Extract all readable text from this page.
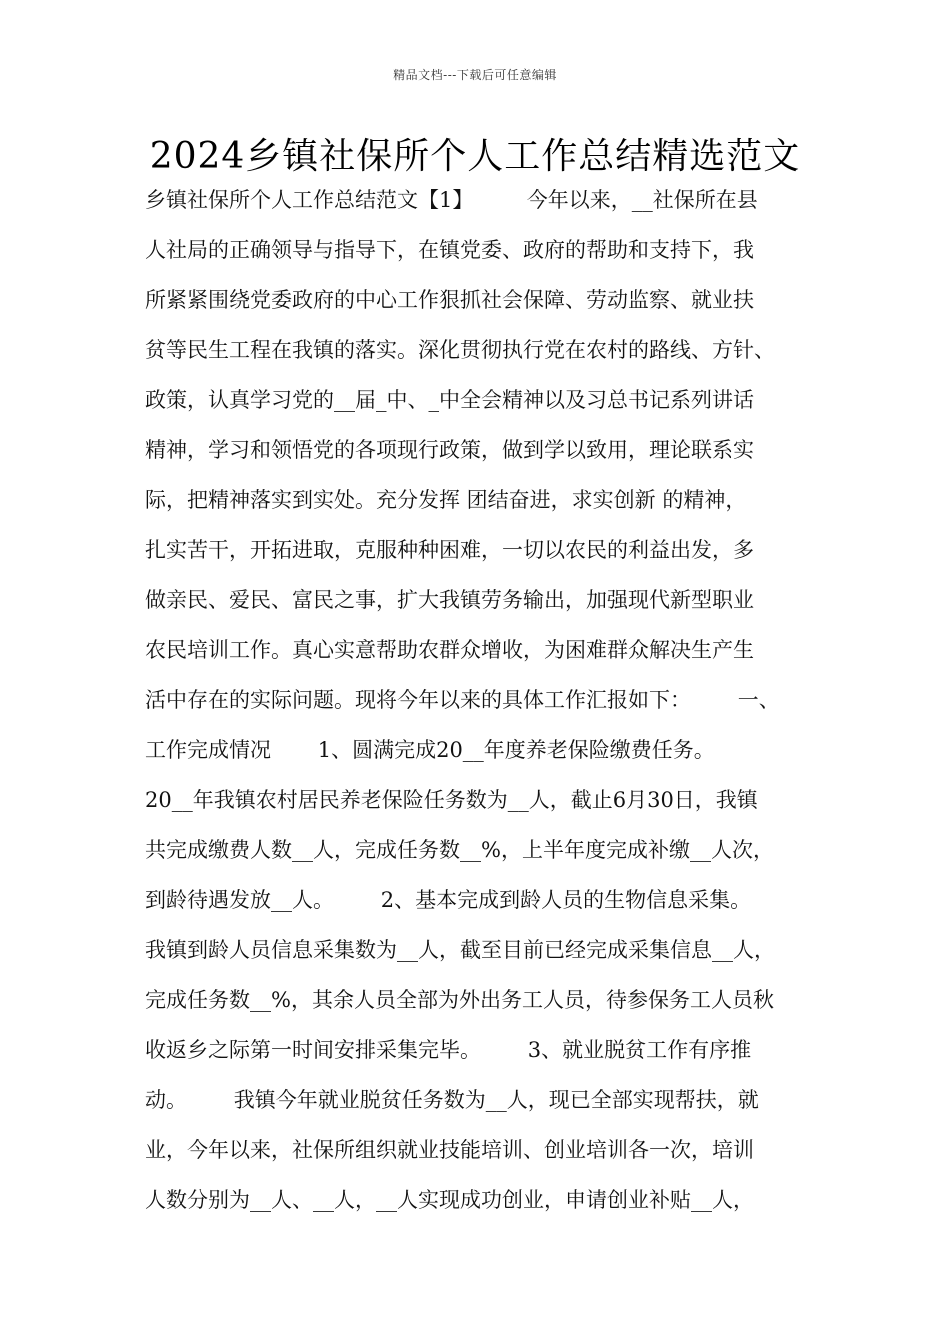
精品文档---下载后可任意编辑
2024乡镇社保所个人工作总结精选范文
乡镇社保所个人工作总结范文【1】        今年以来，__社保所在县
人社局的正确领导与指导下，在镇党委、政府的帮助和支持下，我
所紧紧围绕党委政府的中心工作狠抓社会保障、劳动监察、就业扶
贫等民生工程在我镇的落实。深化贯彻执行党在农村的路线、方针、
政策，认真学习党的__届_中、_中全会精神以及习总书记系列讲话
精神，学习和领悟党的各项现行政策，做到学以致用，理论联系实
际，把精神落实到实处。充分发挥 团结奋进，求实创新 的精神，
扎实苦干，开拓进取，克服种种困难，一切以农民的利益出发，多
做亲民、爱民、富民之事，扩大我镇劳务输出，加强现代新型职业
农民培训工作。真心实意帮助农群众增收，为困难群众解决生产生
活中存在的实际问题。现将今年以来的具体工作汇报如下：       一、
工作完成情况       1、圆满完成20__年度养老保险缴费任务。
20__年我镇农村居民养老保险任务数为__人，截止6月30日，我镇
共完成缴费人数__人，完成任务数__%，上半年度完成补缴__人次，
到龄待遇发放__人。       2、基本完成到龄人员的生物信息采集。
我镇到龄人员信息采集数为__人，截至目前已经完成采集信息__人，
完成任务数__%，其余人员全部为外出务工人员，待参保务工人员秋
收返乡之际第一时间安排采集完毕。       3、就业脱贫工作有序推
动。       我镇今年就业脱贫任务数为__人，现已全部实现帮扶，就
业，今年以来，社保所组织就业技能培训、创业培训各一次，培训
人数分别为__人、__人，__人实现成功创业，申请创业补贴__人，
